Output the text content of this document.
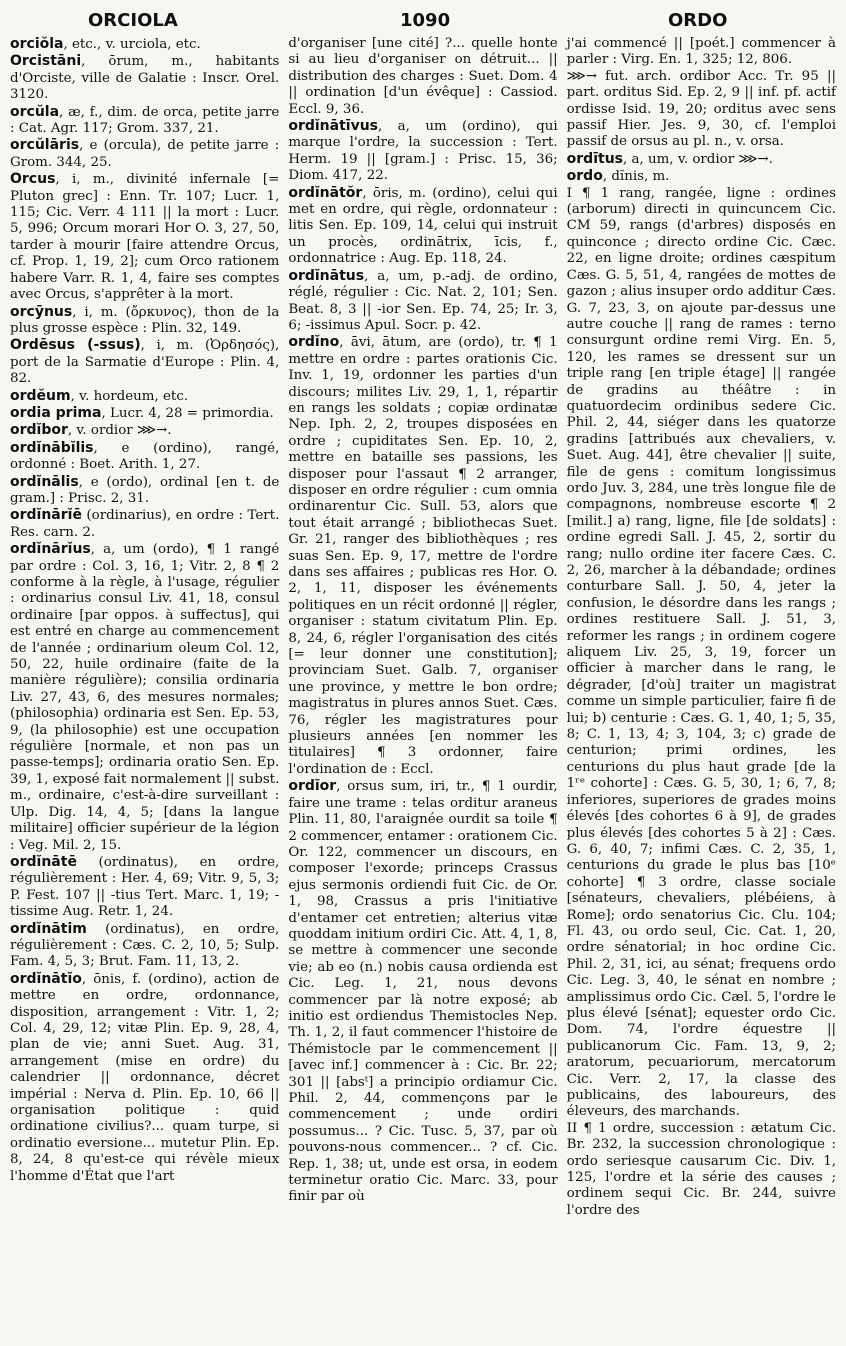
ORCIOLA	1090	ORDO

orciŏla, etc., v. urciola, etc.

Orcistāni, ōrum, m., habitants d'Orciste, ville de Galatie : Inscr. Orel. 3120.

orcŭla, æ, f., dim. de orca, petite jarre : Cat. Agr. 117; Grom. 337, 21.

orcŭlāris, e (orcula), de petite jarre : Grom. 344, 25.

Orcus, i, m., divinité infernale [= Pluton grec] : Enn. Tr. 107; Lucr. 1, 115; Cic. Verr. 4 111 || la mort : Lucr. 5, 996; Orcum morari Hor O. 3, 27, 50, tarder à mourir [faire attendre Orcus, cf. Prop. 1, 19, 2]; cum Orco rationem habere Varr. R. 1, 4, faire ses comptes avec Orcus, s'apprêter à la mort.

orcȳnus, i, m. (ὄρκυνος), thon de la plus grosse espèce : Plin. 32, 149.

Ordēsus (-ssus), i, m. (Ὀρδησός), port de la Sarmatie d'Europe : Plin. 4, 82.

ordĕum, v. hordeum, etc.

ordia prima, Lucr. 4, 28 = primordia.

ordĭbor, v. ordior ⋙→.

ordĭnābĭlis, e (ordino), rangé, ordonné : Boet. Arith. 1, 27.

ordĭnālis, e (ordo), ordinal [en t. de gram.] : Prisc. 2, 31.

ordĭnārĭē (ordinarius), en ordre : Tert. Res. carn. 2.

ordĭnārĭus, a, um (ordo), ¶ 1 rangé par ordre : Col. 3, 16, 1; Vitr. 2, 8 ¶ 2 conforme à la règle, à l'usage, régulier : ordinarius consul Liv. 41, 18, consul ordinaire [par oppos. à suffectus], qui est entré en charge au commencement de l'année ; ordinarium oleum Col. 12, 50, 22, huile ordinaire (faite de la manière régulière); consilia ordinaria Liv. 27, 43, 6, des mesures normales; (philosophia) ordinaria est Sen. Ep. 53, 9, (la philosophie) est une occupation régulière [normale, et non pas un passe-temps]; ordinaria oratio Sen. Ep. 39, 1, exposé fait normalement || subst. m., ordinaire, c'est-à-dire surveillant : Ulp. Dig. 14, 4, 5; [dans la langue militaire] officier supérieur de la légion : Veg. Mil. 2, 15.

ordĭnātē (ordinatus), en ordre, régulièrement : Her. 4, 69; Vitr. 9, 5, 3; P. Fest. 107 || -tius Tert. Marc. 1, 19; -tissime Aug. Retr. 1, 24.

ordĭnātim (ordinatus), en ordre, régulièrement : Cæs. C. 2, 10, 5; Sulp. Fam. 4, 5, 3; Brut. Fam. 11, 13, 2.

ordĭnātĭo, ōnis, f. (ordino), action de mettre en ordre, ordonnance, disposition, arrangement : Vitr. 1, 2; Col. 4, 29, 12; vitæ Plin. Ep. 9, 28, 4, plan de vie; anni Suet. Aug. 31, arrangement (mise en ordre) du calendrier || ordonnance, décret impérial : Nerva d. Plin. Ep. 10, 66 || organisation politique : quid ordinatione civilius?... quam turpe, si ordinatio eversione... mutetur Plin. Ep. 8, 24, 8 qu'est-ce qui révèle mieux l'homme d'État que l'art

d'organiser [une cité] ?... quelle honte si au lieu d'organiser on détruit... || distribution des charges : Suet. Dom. 4 || ordination [d'un évêque] : Cassiod. Eccl. 9, 36.

ordĭnātīvus, a, um (ordino), qui marque l'ordre, la succession : Tert. Herm. 19 || [gram.] : Prisc. 15, 36; Diom. 417, 22.

ordĭnātŏr, ōris, m. (ordino), celui qui met en ordre, qui règle, ordonnateur : litis Sen. Ep. 109, 14, celui qui instruit un procès, ordinātrix, īcis, f., ordonnatrice : Aug. Ep. 118, 24.

ordĭnātus, a, um, p.-adj. de ordino, réglé, régulier : Cic. Nat. 2, 101; Sen. Beat. 8, 3 || -ior Sen. Ep. 74, 25; Ir. 3, 6; -issimus Apul. Socr. p. 42.

ordĭno, āvi, ātum, are (ordo), tr. ¶ 1 mettre en ordre : partes orationis Cic. Inv. 1, 19, ordonner les parties d'un discours; milites Liv. 29, 1, 1, répartir en rangs les soldats ; copiæ ordinatæ Nep. Iph. 2, 2, troupes disposées en ordre ; cupiditates Sen. Ep. 10, 2, mettre en bataille ses passions, les disposer pour l'assaut ¶ 2 arranger, disposer en ordre régulier : cum omnia ordinarentur Cic. Sull. 53, alors que tout était arrangé ; bibliothecas Suet. Gr. 21, ranger des bibliothèques ; res suas Sen. Ep. 9, 17, mettre de l'ordre dans ses affaires ; publicas res Hor. O. 2, 1, 11, disposer les événements politiques en un récit ordonné || régler, organiser : statum civitatum Plin. Ep. 8, 24, 6, régler l'organisation des cités [= leur donner une constitution]; provinciam Suet. Galb. 7, organiser une province, y mettre le bon ordre; magistratus in plures annos Suet. Cæs. 76, régler les magistratures pour plusieurs années [en nommer les titulaires] ¶ 3 ordonner, faire l'ordination de : Eccl.

ordĭor, orsus sum, iri, tr., ¶ 1 ourdir, faire une trame : telas orditur araneus Plin. 11, 80, l'araignée ourdit sa toile ¶ 2 commencer, entamer : orationem Cic. Or. 122, commencer un discours, en composer l'exorde; princeps Crassus ejus sermonis ordiendi fuit Cic. de Or. 1, 98, Crassus a pris l'initiative d'entamer cet entretien; alterius vitæ quoddam initium ordiri Cic. Att. 4, 1, 8, se mettre à commencer une seconde vie; ab eo (n.) nobis causa ordienda est Cic. Leg. 1, 21, nous devons commencer par là notre exposé; ab initio est ordiendus Themistocles Nep. Th. 1, 2, il faut commencer l'histoire de Thémistocle par le commencement || [avec inf.] commencer à : Cic. Br. 22; 301 || [absᵗ] a principio ordiamur Cic. Phil. 2, 44, commençons par le commencement ; unde ordiri possumus... ? Cic. Tusc. 5, 37, par où pouvons-nous commencer... ? cf. Cic. Rep. 1, 38; ut, unde est orsa, in eodem terminetur oratio Cic. Marc. 33, pour finir par où

j'ai commencé || [poét.] commencer à parler : Virg. En. 1, 325; 12, 806.

⋙→ fut. arch. ordibor Acc. Tr. 95 || part. orditus Sid. Ep. 2, 9 || inf. pf. actif ordisse Isid. 19, 20; orditus avec sens passif Hier. Jes. 9, 30, cf. l'emploi passif de orsus au pl. n., v. orsa.

ordītus, a, um, v. ordior ⋙→.

ordo, dĭnis, m.

I ¶ 1 rang, rangée, ligne : ordines (arborum) directi in quincuncem Cic. CM 59, rangs (d'arbres) disposés en quinconce ; directo ordine Cic. Cæc. 22, en ligne droite; ordines cæspitum Cæs. G. 5, 51, 4, rangées de mottes de gazon ; alius insuper ordo additur Cæs. G. 7, 23, 3, on ajoute par-dessus une autre couche || rang de rames : terno consurgunt ordine remi Virg. En. 5, 120, les rames se dressent sur un triple rang [en triple étage] || rangée de gradins au théâtre : in quatuordecim ordinibus sedere Cic. Phil. 2, 44, siéger dans les quatorze gradins [attribués aux chevaliers, v. Suet. Aug. 44], être chevalier || suite, file de gens : comitum longissimus ordo Juv. 3, 284, une très longue file de compagnons, nombreuse escorte ¶ 2 [milit.] a) rang, ligne, file [de soldats] : ordine egredi Sall. J. 45, 2, sortir du rang; nullo ordine iter facere Cæs. C. 2, 26, marcher à la débandade; ordines conturbare Sall. J. 50, 4, jeter la confusion, le désordre dans les rangs ; ordines restituere Sall. J. 51, 3, reformer les rangs ; in ordinem cogere aliquem Liv. 25, 3, 19, forcer un officier à marcher dans le rang, le dégrader, [d'où] traiter un magistrat comme un simple particulier, faire fi de lui; b) centurie : Cæs. G. 1, 40, 1; 5, 35, 8; C. 1, 13, 4; 3, 104, 3; c) grade de centurion; primi ordines, les centurions du plus haut grade [de la 1ʳᵉ cohorte] : Cæs. G. 5, 30, 1; 6, 7, 8; inferiores, superiores de grades moins élevés [des cohortes 6 à 9], de grades plus élevés [des cohortes 5 à 2] : Cæs. G. 6, 40, 7; infimi Cæs. C. 2, 35, 1, centurions du grade le plus bas [10ᵉ cohorte] ¶ 3 ordre, classe sociale [sénateurs, chevaliers, plébéiens, à Rome]; ordo senatorius Cic. Clu. 104; Fl. 43, ou ordo seul, Cic. Cat. 1, 20, ordre sénatorial; in hoc ordine Cic. Phil. 2, 31, ici, au sénat; frequens ordo Cic. Leg. 3, 40, le sénat en nombre ; amplissimus ordo Cic. Cæl. 5, l'ordre le plus élevé [sénat]; equester ordo Cic. Dom. 74, l'ordre équestre || publicanorum Cic. Fam. 13, 9, 2; aratorum, pecuariorum, mercatorum Cic. Verr. 2, 17, la classe des publicains, des laboureurs, des éleveurs, des marchands.

II ¶ 1 ordre, succession : ætatum Cic. Br. 232, la succession chronologique : ordo seriesque causarum Cic. Div. 1, 125, l'ordre et la série des causes ; ordinem sequi Cic. Br. 244, suivre l'ordre des
